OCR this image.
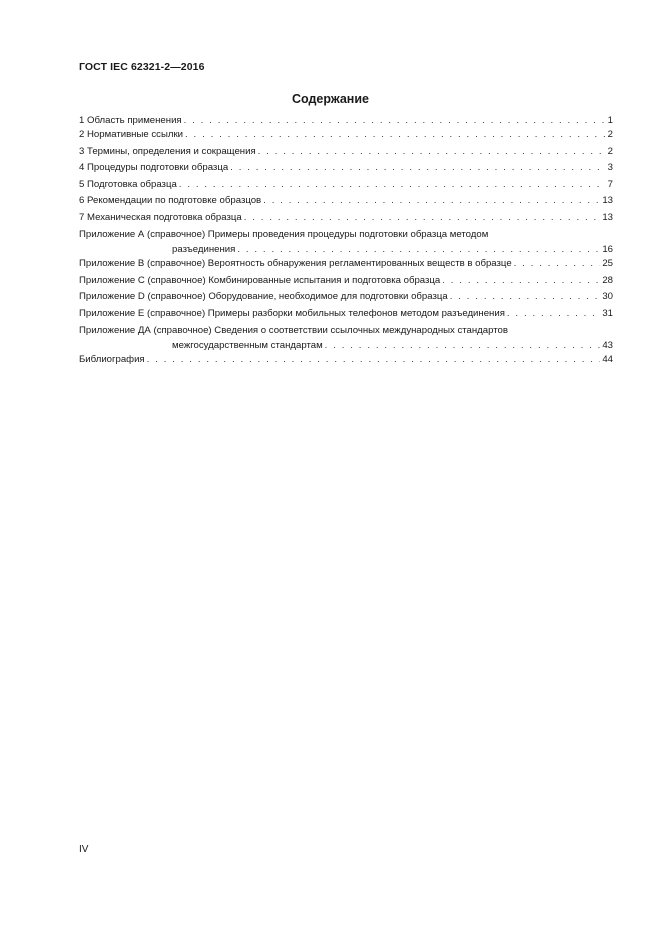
ГОСТ IEC 62321-2—2016
Содержание
1 Область применения . . .	1
2 Нормативные ссылки . . .	2
3 Термины, определения и сокращения . . .	2
4 Процедуры подготовки образца . . .	3
5 Подготовка образца . . .	7
6 Рекомендации по подготовке образцов . . .	13
7 Механическая подготовка образца . . .	13
Приложение А (справочное) Примеры проведения процедуры подготовки образца методом
разъединения . . .	16
Приложение В (справочное) Вероятность обнаружения регламентированных веществ в образце . . .	25
Приложение С (справочное) Комбинированные испытания и подготовка образца . . .	28
Приложение D (справочное) Оборудование, необходимое для подготовки образца . . .	30
Приложение Е (справочное) Примеры разборки мобильных телефонов методом разъединения . . .	31
Приложение ДА (справочное) Сведения о соответствии ссылочных международных стандартов
межгосударственным стандартам . . .	43
Библиография . . .	44
IV
